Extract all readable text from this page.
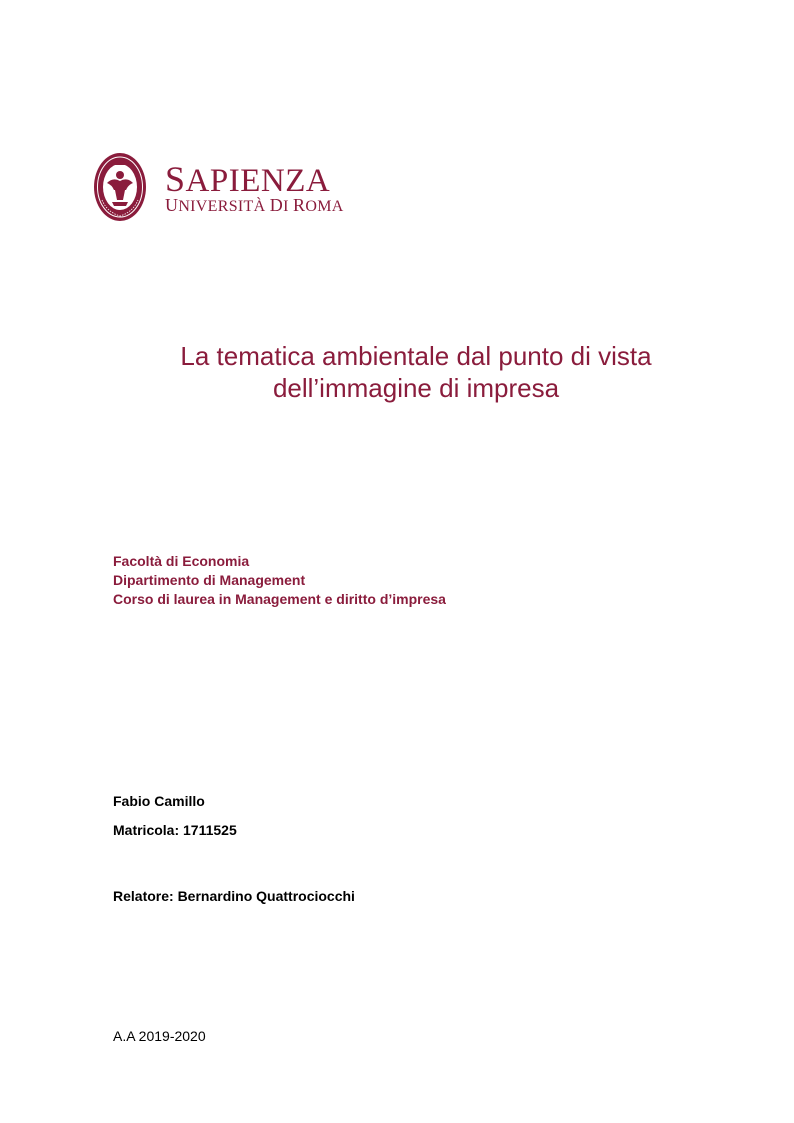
SAPIENZA
UNIVERSITÀ DI ROMA
La tematica ambientale dal punto di vista
dell’immagine di impresa
Facoltà di Economia
Dipartimento di Management
Corso di laurea in Management e diritto d’impresa
Fabio Camillo
Matricola: 1711525
Relatore: Bernardino Quattrociocchi
A.A 2019-2020
